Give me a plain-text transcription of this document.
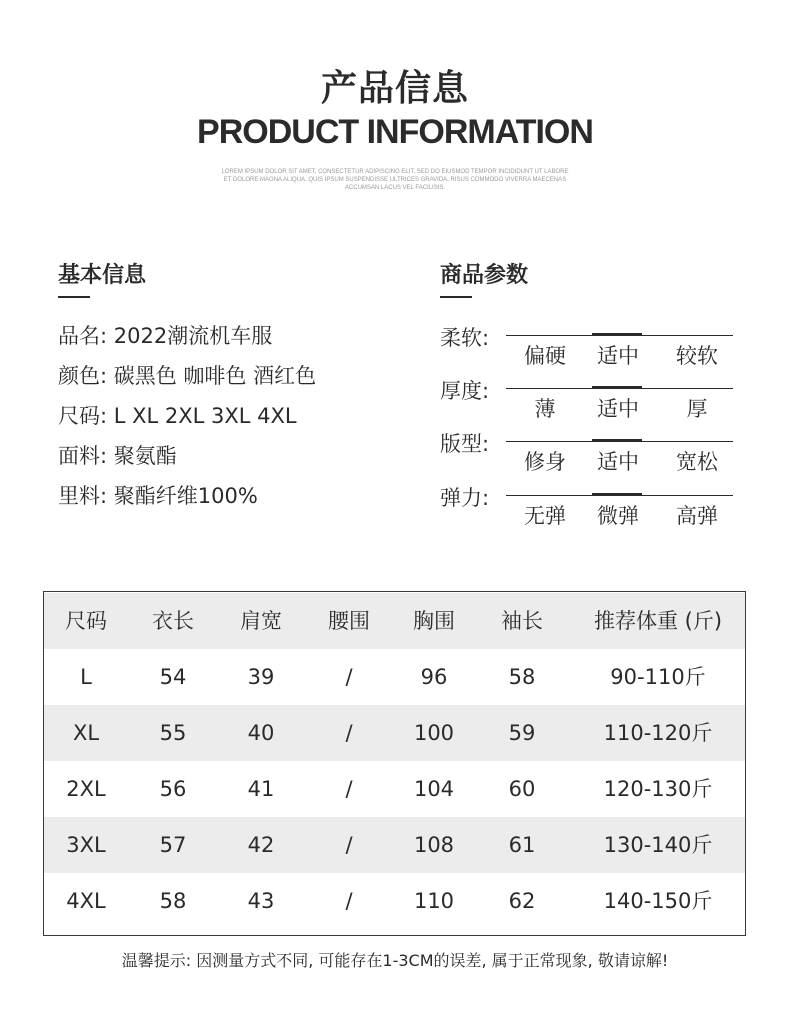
产品信息
PRODUCT INFORMATION
LOREM IPSUM DOLOR SIT AMET, CONSECTETUR ADIPISCING ELIT, SED DO EIUSMOD TEMPOR INCIDIDUNT UT LABORE ET DOLORE MAGNA ALIQUA. QUIS IPSUM SUSPENDISSE ULTRICES GRAVIDA. RISUS COMMODO VIVERRA MAECENAS ACCUMSAN LACUS VEL FACILISIS.
基本信息
品名: 2022潮流机车服
颜色: 碳黑色 咖啡色 酒红色
尺码: L XL 2XL 3XL 4XL
面料: 聚氨酯
里料: 聚酯纤维100%
商品参数
柔软:
偏硬	适中	较软
厚度:
薄	适中	厚
版型:
修身	适中	宽松
弹力:
无弹	微弹	高弹
尺码	衣长	肩宽	腰围	胸围	袖长	推荐体重 (斤)
L	54	39	/	96	58	90-110斤
XL	55	40	/	100	59	110-120斤
2XL	56	41	/	104	60	120-130斤
3XL	57	42	/	108	61	130-140斤
4XL	58	43	/	110	62	140-150斤
温馨提示: 因测量方式不同, 可能存在1-3CM的误差, 属于正常现象, 敬请谅解!
